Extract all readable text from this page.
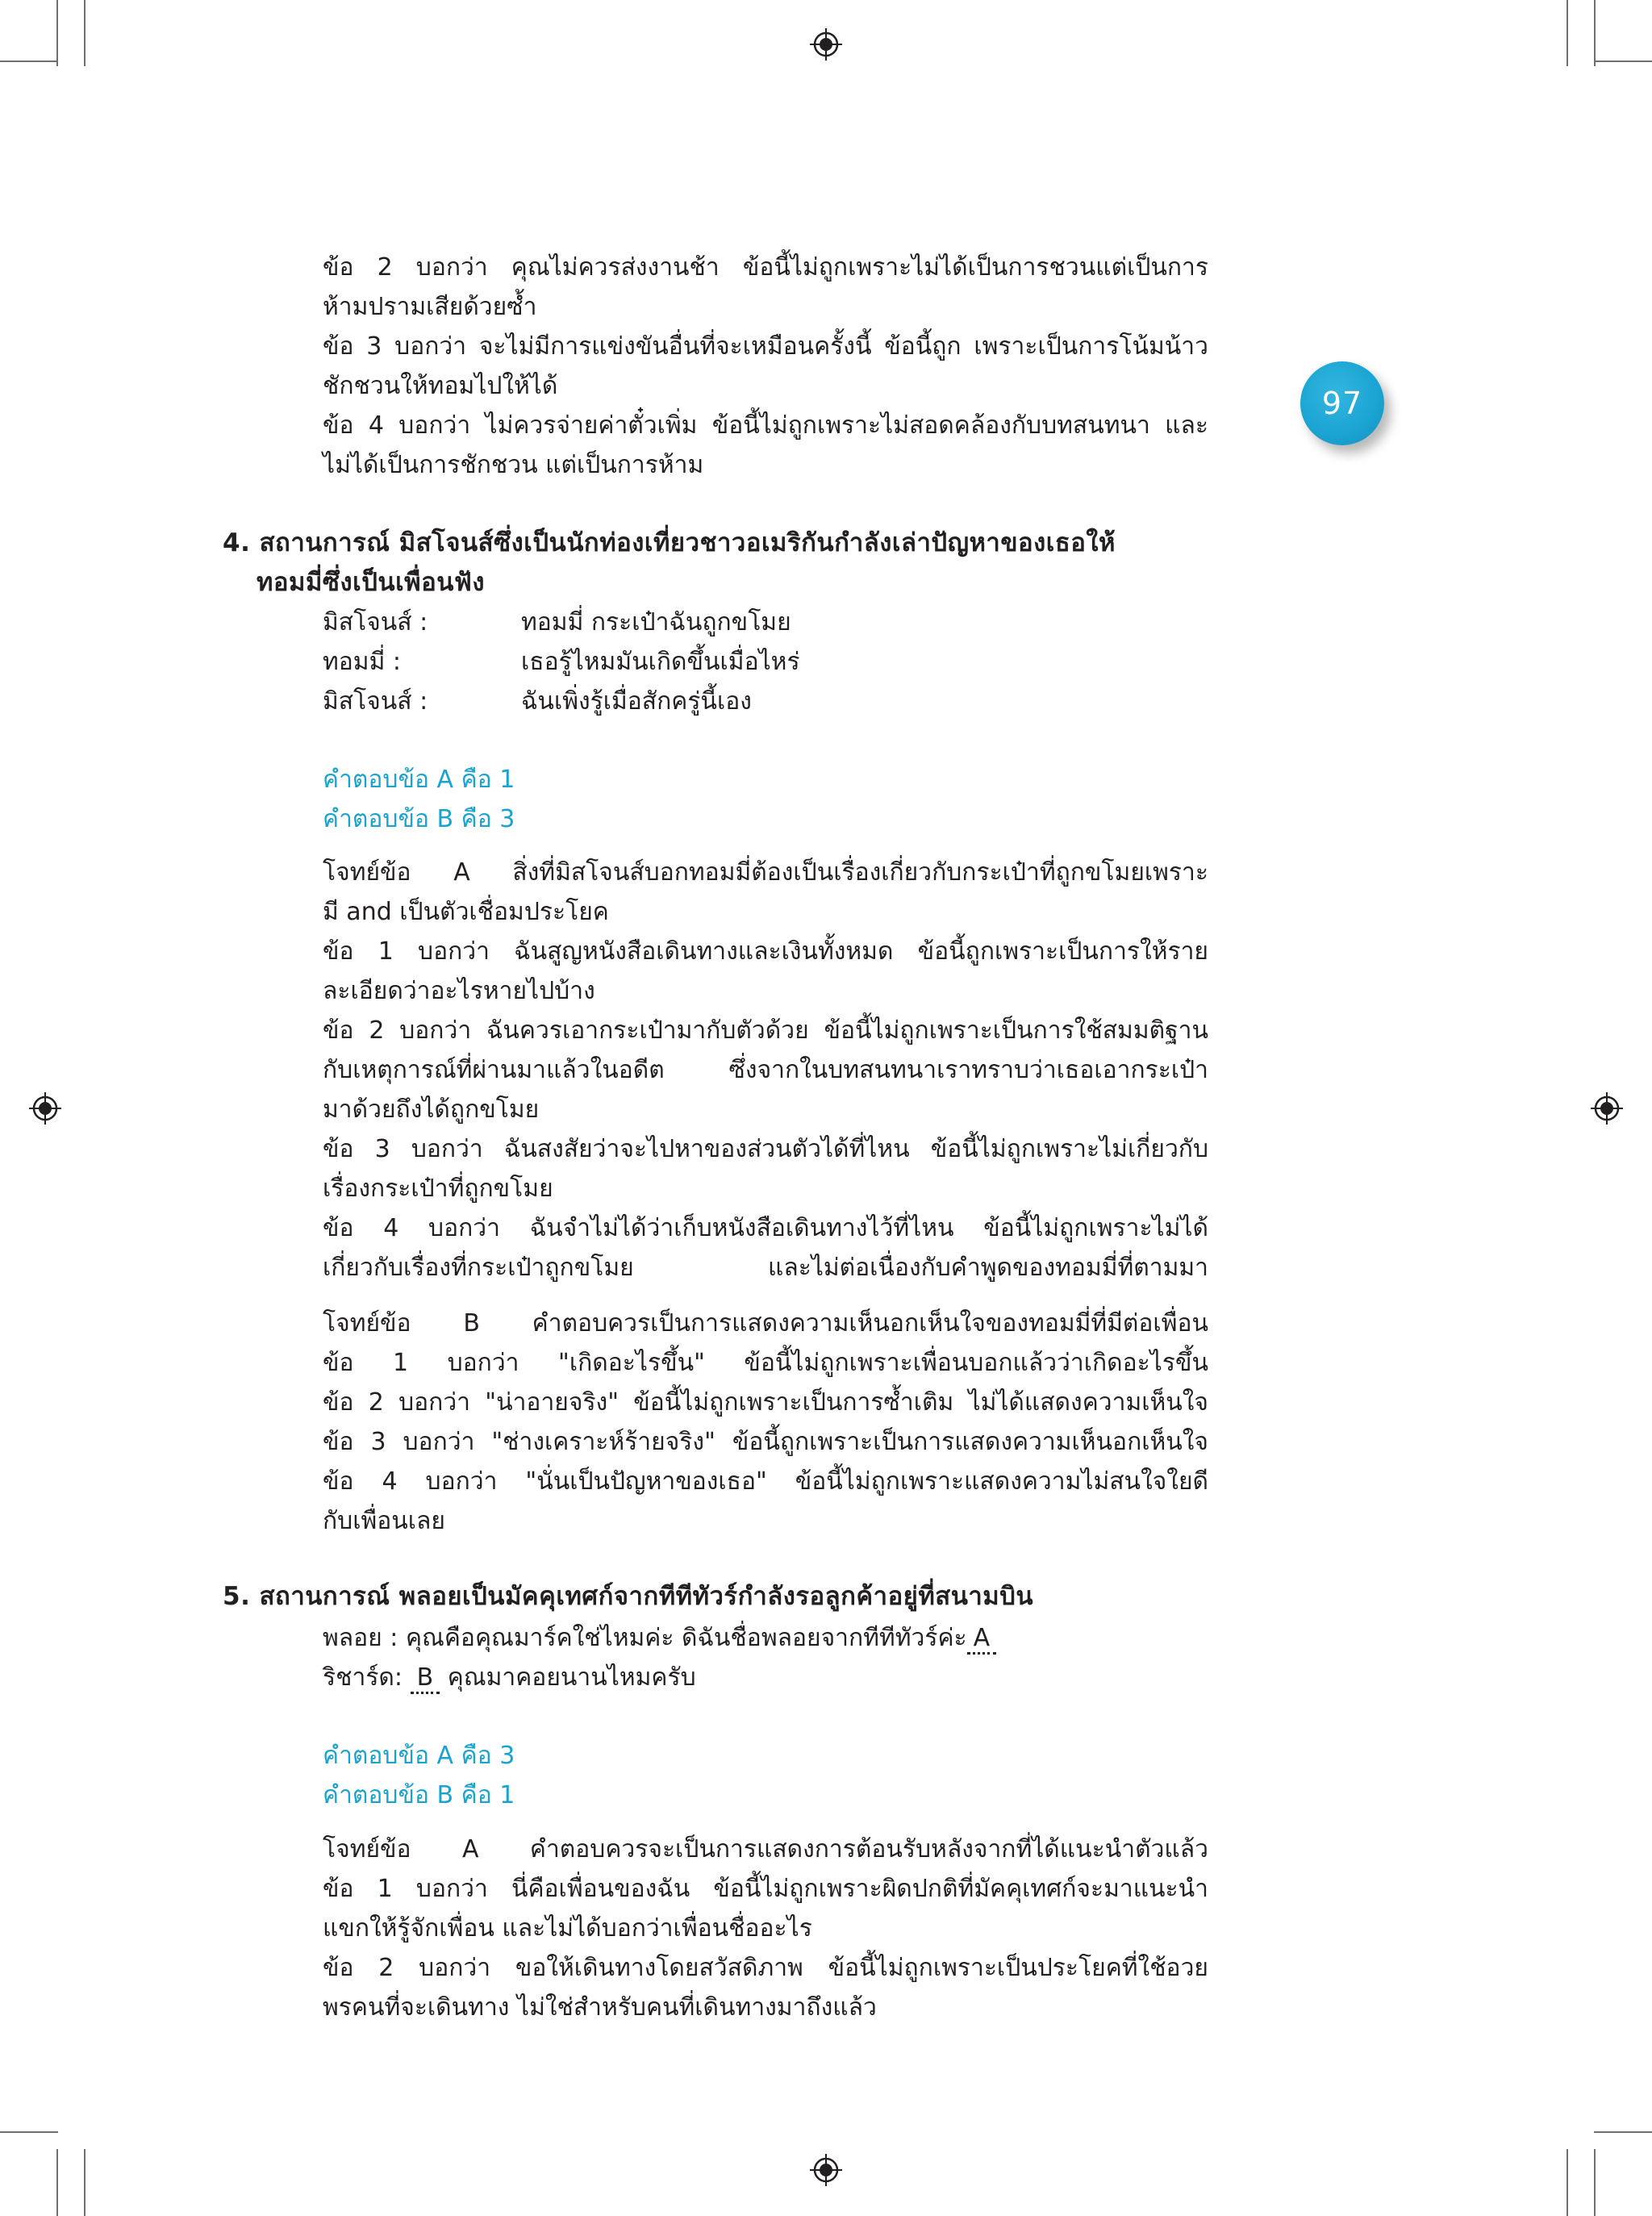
97
ข้อ 2 บอกว่า คุณไม่ควรส่งงานช้า ข้อนี้ไม่ถูกเพราะไม่ได้เป็นการชวนแต่เป็นการ
ห้ามปรามเสียด้วยซ้ำ
ข้อ 3 บอกว่า จะไม่มีการแข่งขันอื่นที่จะเหมือนครั้งนี้ ข้อนี้ถูก เพราะเป็นการโน้มน้าว
ชักชวนให้ทอมไปให้ได้
ข้อ 4 บอกว่า ไม่ควรจ่ายค่าตั๋วเพิ่ม ข้อนี้ไม่ถูกเพราะไม่สอดคล้องกับบทสนทนา และ
ไม่ได้เป็นการชักชวน แต่เป็นการห้าม
4. สถานการณ์ มิสโจนส์ซึ่งเป็นนักท่องเที่ยวชาวอเมริกันกำลังเล่าปัญหาของเธอให้
ทอมมี่ซึ่งเป็นเพื่อนฟัง
มิสโจนส์ :	ทอมมี่ กระเป๋าฉันถูกขโมย
ทอมมี่ :	เธอรู้ไหมมันเกิดขึ้นเมื่อไหร่
มิสโจนส์ :	ฉันเพิ่งรู้เมื่อสักครู่นี้เอง
คำตอบข้อ A คือ 1
คำตอบข้อ B คือ 3
โจทย์ข้อ A สิ่งที่มิสโจนส์บอกทอมมี่ต้องเป็นเรื่องเกี่ยวกับกระเป๋าที่ถูกขโมยเพราะ
มี and เป็นตัวเชื่อมประโยค
ข้อ 1 บอกว่า ฉันสูญหนังสือเดินทางและเงินทั้งหมด ข้อนี้ถูกเพราะเป็นการให้ราย
ละเอียดว่าอะไรหายไปบ้าง
ข้อ 2 บอกว่า ฉันควรเอากระเป๋ามากับตัวด้วย ข้อนี้ไม่ถูกเพราะเป็นการใช้สมมติฐาน
กับเหตุการณ์ที่ผ่านมาแล้วในอดีต ซึ่งจากในบทสนทนาเราทราบว่าเธอเอากระเป๋า
มาด้วยถึงได้ถูกขโมย
ข้อ 3 บอกว่า ฉันสงสัยว่าจะไปหาของส่วนตัวได้ที่ไหน ข้อนี้ไม่ถูกเพราะไม่เกี่ยวกับ
เรื่องกระเป๋าที่ถูกขโมย
ข้อ 4 บอกว่า ฉันจำไม่ได้ว่าเก็บหนังสือเดินทางไว้ที่ไหน ข้อนี้ไม่ถูกเพราะไม่ได้
เกี่ยวกับเรื่องที่กระเป๋าถูกขโมย และไม่ต่อเนื่องกับคำพูดของทอมมี่ที่ตามมา
โจทย์ข้อ B คำตอบควรเป็นการแสดงความเห็นอกเห็นใจของทอมมี่ที่มีต่อเพื่อน
ข้อ 1 บอกว่า "เกิดอะไรขึ้น" ข้อนี้ไม่ถูกเพราะเพื่อนบอกแล้วว่าเกิดอะไรขึ้น
ข้อ 2 บอกว่า "น่าอายจริง" ข้อนี้ไม่ถูกเพราะเป็นการซ้ำเติม ไม่ได้แสดงความเห็นใจ
ข้อ 3 บอกว่า "ช่างเคราะห์ร้ายจริง" ข้อนี้ถูกเพราะเป็นการแสดงความเห็นอกเห็นใจ
ข้อ 4 บอกว่า "นั่นเป็นปัญหาของเธอ" ข้อนี้ไม่ถูกเพราะแสดงความไม่สนใจใยดี
กับเพื่อนเลย
5. สถานการณ์ พลอยเป็นมัคคุเทศก์จากทีทีทัวร์กำลังรอลูกค้าอยู่ที่สนามบิน
พลอย : คุณคือคุณมาร์คใช่ไหมค่ะ ดิฉันชื่อพลอยจากทีทีทัวร์ค่ะ A
ริชาร์ด: B คุณมาคอยนานไหมครับ
คำตอบข้อ A คือ 3
คำตอบข้อ B คือ 1
โจทย์ข้อ A คำตอบควรจะเป็นการแสดงการต้อนรับหลังจากที่ได้แนะนำตัวแล้ว
ข้อ 1 บอกว่า นี่คือเพื่อนของฉัน ข้อนี้ไม่ถูกเพราะผิดปกติที่มัคคุเทศก์จะมาแนะนำ
แขกให้รู้จักเพื่อน และไม่ได้บอกว่าเพื่อนชื่ออะไร
ข้อ 2 บอกว่า ขอให้เดินทางโดยสวัสดิภาพ ข้อนี้ไม่ถูกเพราะเป็นประโยคที่ใช้อวย
พรคนที่จะเดินทาง ไม่ใช่สำหรับคนที่เดินทางมาถึงแล้ว
